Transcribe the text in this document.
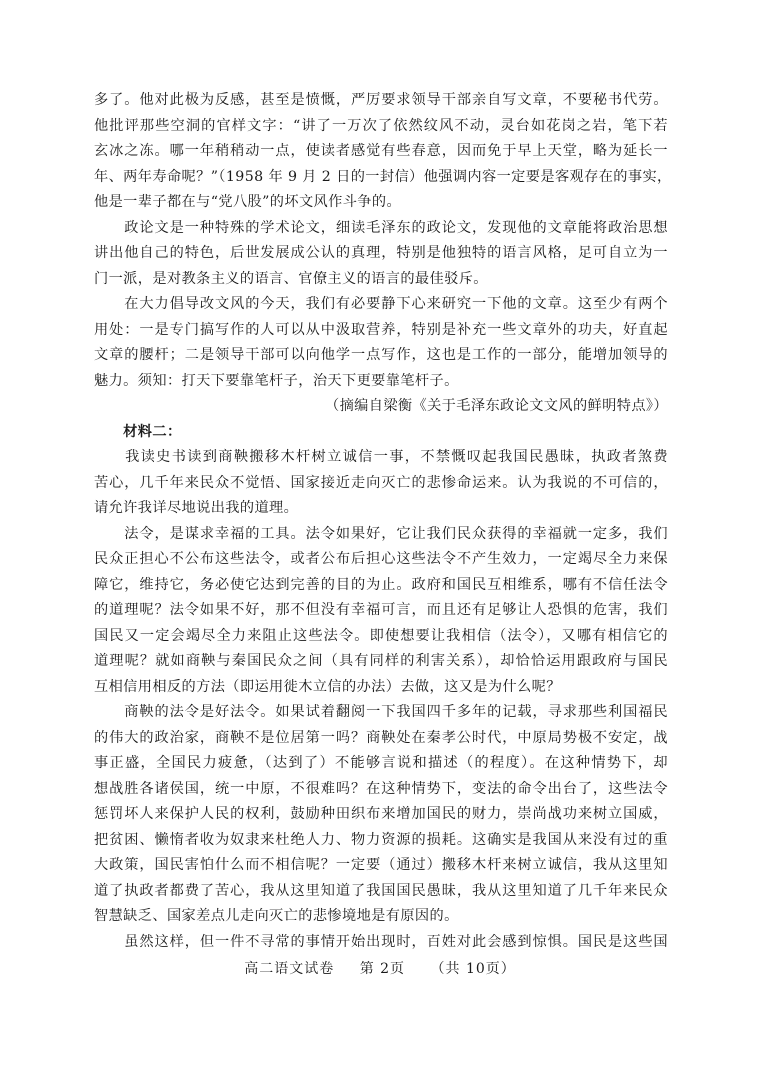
多了。他对此极为反感，甚至是愤慨，严厉要求领导干部亲自写文章，不要秘书代劳。
他批评那些空洞的官样文字：“讲了一万次了依然纹风不动，灵台如花岗之岩，笔下若
玄冰之冻。哪一年稍稍动一点，使读者感觉有些春意，因而免于早上天堂，略为延长一
年、两年寿命呢？”（1958 年 9 月 2 日的一封信）他强调内容一定要是客观存在的事实，
他是一辈子都在与“党八股”的坏文风作斗争的。
　　政论文是一种特殊的学术论文，细读毛泽东的政论文，发现他的文章能将政治思想
讲出他自己的特色，后世发展成公认的真理，特别是他独特的语言风格，足可自立为一
门一派，是对教条主义的语言、官僚主义的语言的最佳驳斥。
　　在大力倡导改文风的今天，我们有必要静下心来研究一下他的文章。这至少有两个
用处：一是专门搞写作的人可以从中汲取营养，特别是补充一些文章外的功夫，好直起
文章的腰杆；二是领导干部可以向他学一点写作，这也是工作的一部分，能增加领导的
魅力。须知：打天下要靠笔杆子，治天下更要靠笔杆子。
（摘编自梁衡《关于毛泽东政论文文风的鲜明特点》）
　　材料二：
　　我读史书读到商鞅搬移木杆树立诚信一事，不禁慨叹起我国民愚昧，执政者煞费
苦心，几千年来民众不觉悟、国家接近走向灭亡的悲惨命运来。认为我说的不可信的，
请允许我详尽地说出我的道理。
　　法令，是谋求幸福的工具。法令如果好，它让我们民众获得的幸福就一定多，我们
民众正担心不公布这些法令，或者公布后担心这些法令不产生效力，一定竭尽全力来保
障它，维持它，务必使它达到完善的目的为止。政府和国民互相维系，哪有不信任法令
的道理呢？法令如果不好，那不但没有幸福可言，而且还有足够让人恐惧的危害，我们
国民又一定会竭尽全力来阻止这些法令。即使想要让我相信（法令），又哪有相信它的
道理呢？就如商鞅与秦国民众之间（具有同样的利害关系），却恰恰运用跟政府与国民
互相信用相反的方法（即运用徙木立信的办法）去做，这又是为什么呢？
　　商鞅的法令是好法令。如果试着翻阅一下我国四千多年的记载，寻求那些利国福民
的伟大的政治家，商鞅不是位居第一吗？商鞅处在秦孝公时代，中原局势极不安定，战
事正盛，全国民力疲惫，（达到了）不能够言说和描述（的程度）。在这种情势下，却
想战胜各诸侯国，统一中原，不很难吗？在这种情势下，变法的命令出台了，这些法令
惩罚坏人来保护人民的权利，鼓励种田织布来增加国民的财力，崇尚战功来树立国威，
把贫困、懒惰者收为奴隶来杜绝人力、物力资源的损耗。这确实是我国从来没有过的重
大政策，国民害怕什么而不相信呢？一定要（通过）搬移木杆来树立诚信，我从这里知
道了执政者都费了苦心，我从这里知道了我国国民愚昧，我从这里知道了几千年来民众
智慧缺乏、国家差点儿走向灭亡的悲惨境地是有原因的。
　　虽然这样，但一件不寻常的事情开始出现时，百姓对此会感到惊惧。国民是这些国
高二语文试卷 第 2页 （共 10页）
